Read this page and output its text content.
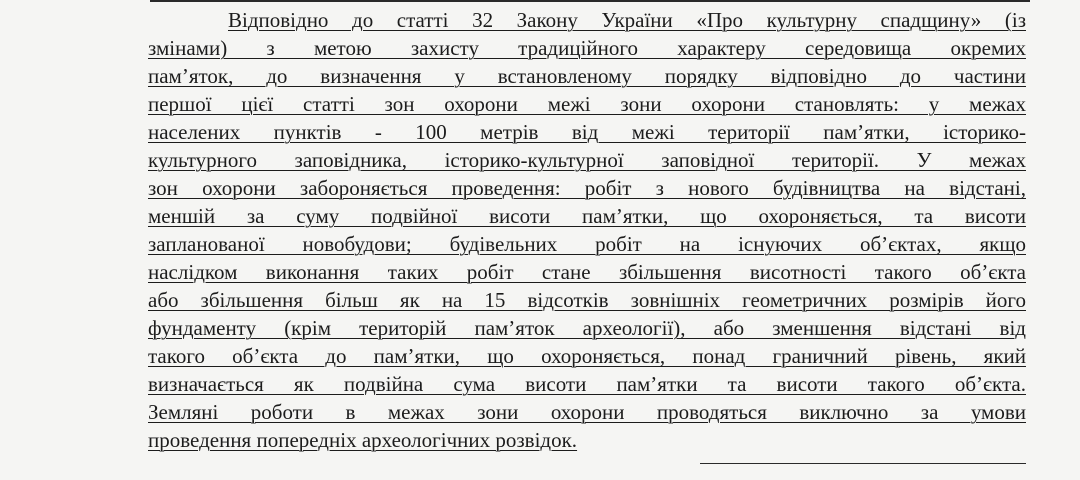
Відповідно до статті 32 Закону України «Про культурну спадщину» (із
змінами) з метою захисту традиційного характеру середовища окремих
пам’яток, до визначення у встановленому порядку відповідно до частини
першої цієї статті зон охорони межі зони охорони становлять: у межах
населених пунктів - 100 метрів від межі території пам’ятки, історико-
культурного заповідника, історико-культурної заповідної території. У межах
зон охорони забороняється проведення: робіт з нового будівництва на відстані,
меншій за суму подвійної висоти пам’ятки, що охороняється, та висоти
запланованої новобудови; будівельних робіт на існуючих об’єктах, якщо
наслідком виконання таких робіт стане збільшення висотності такого об’єкта
або збільшення більш як на 15 відсотків зовнішніх геометричних розмірів його
фундаменту (крім територій пам’яток археології), або зменшення відстані від
такого об’єкта до пам’ятки, що охороняється, понад граничний рівень, який
визначається як подвійна сума висоти пам’ятки та висоти такого об’єкта.
Земляні роботи в межах зони охорони проводяться виключно за умови
проведення попередніх археологічних розвідок.
